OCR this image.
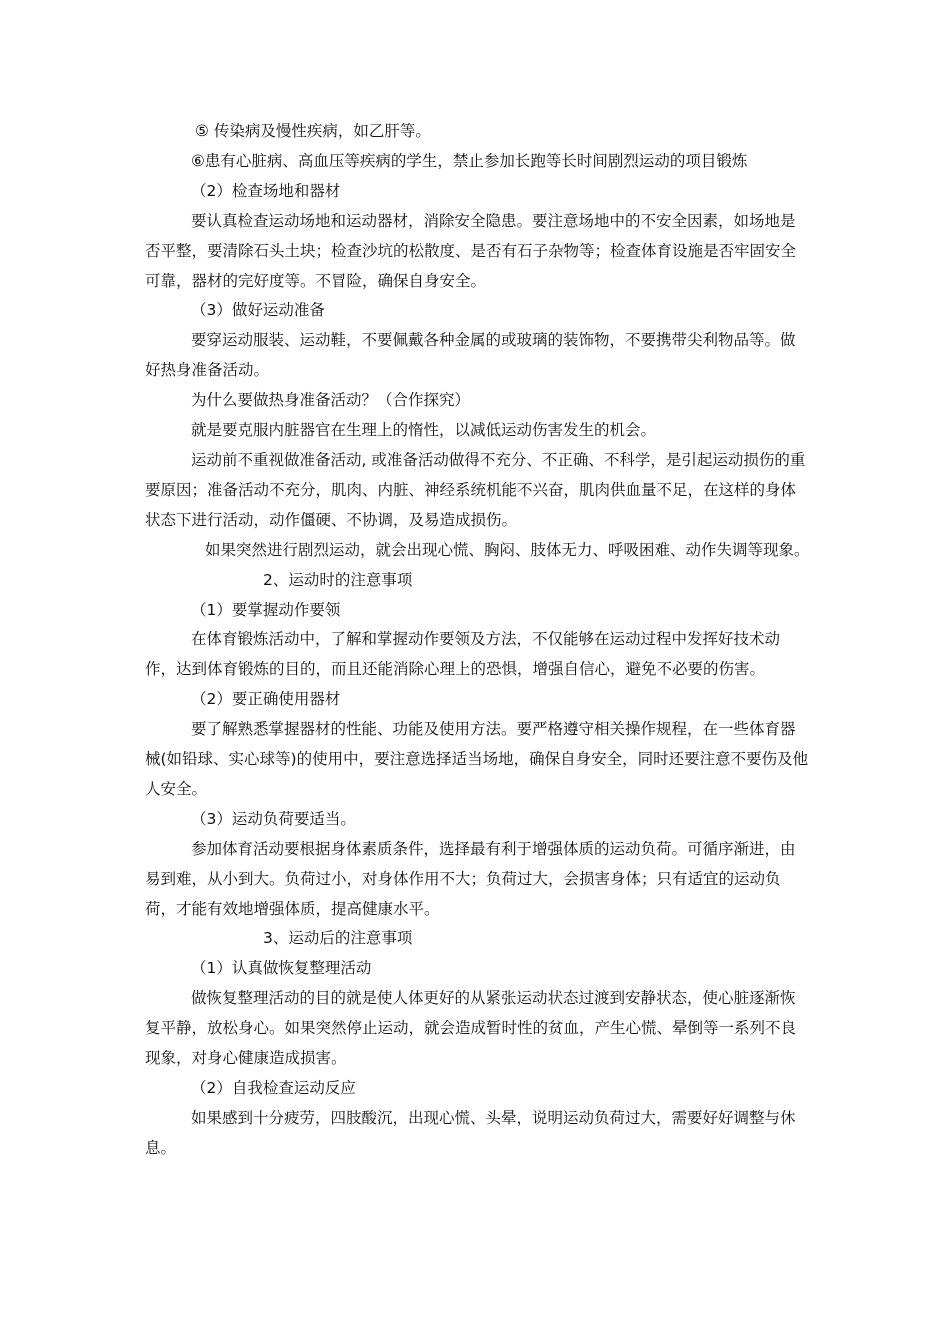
⑤ 传染病及慢性疾病，如乙肝等。

⑥患有心脏病、高血压等疾病的学生，禁止参加长跑等长时间剧烈运动的项目锻炼

（2）检查场地和器材

要认真检查运动场地和运动器材，消除安全隐患。要注意场地中的不安全因素，如场地是否平整，要清除石头土块；检查沙坑的松散度、是否有石子杂物等；检查体育设施是否牢固安全可靠，器材的完好度等。不冒险，确保自身安全。

（3）做好运动准备

要穿运动服装、运动鞋，不要佩戴各种金属的或玻璃的装饰物，不要携带尖利物品等。做好热身准备活动。

为什么要做热身准备活动？（合作探究）

就是要克服内脏器官在生理上的惰性，以减低运动伤害发生的机会。

运动前不重视做准备活动, 或准备活动做得不充分、不正确、不科学，是引起运动损伤的重要原因；准备活动不充分，肌肉、内脏、神经系统机能不兴奋，肌肉供血量不足，在这样的身体状态下进行活动，动作僵硬、不协调，及易造成损伤。

如果突然进行剧烈运动，就会出现心慌、胸闷、肢体无力、呼吸困难、动作失调等现象。

2、运动时的注意事项

（1）要掌握动作要领

在体育锻炼活动中，了解和掌握动作要领及方法，不仅能够在运动过程中发挥好技术动作，达到体育锻炼的目的，而且还能消除心理上的恐惧，增强自信心，避免不必要的伤害。

（2）要正确使用器材

要了解熟悉掌握器材的性能、功能及使用方法。要严格遵守相关操作规程，在一些体育器械(如铅球、实心球等)的使用中，要注意选择适当场地，确保自身安全，同时还要注意不要伤及他人安全。

（3）运动负荷要适当。

参加体育活动要根据身体素质条件，选择最有利于增强体质的运动负荷。可循序渐进，由易到难，从小到大。负荷过小，对身体作用不大；负荷过大，会损害身体；只有适宜的运动负荷，才能有效地增强体质，提高健康水平。

3、运动后的注意事项

（1）认真做恢复整理活动

做恢复整理活动的目的就是使人体更好的从紧张运动状态过渡到安静状态，使心脏逐渐恢复平静，放松身心。如果突然停止运动，就会造成暂时性的贫血，产生心慌、晕倒等一系列不良现象，对身心健康造成损害。

（2）自我检查运动反应

如果感到十分疲劳，四肢酸沉，出现心慌、头晕，说明运动负荷过大，需要好好调整与休息。
